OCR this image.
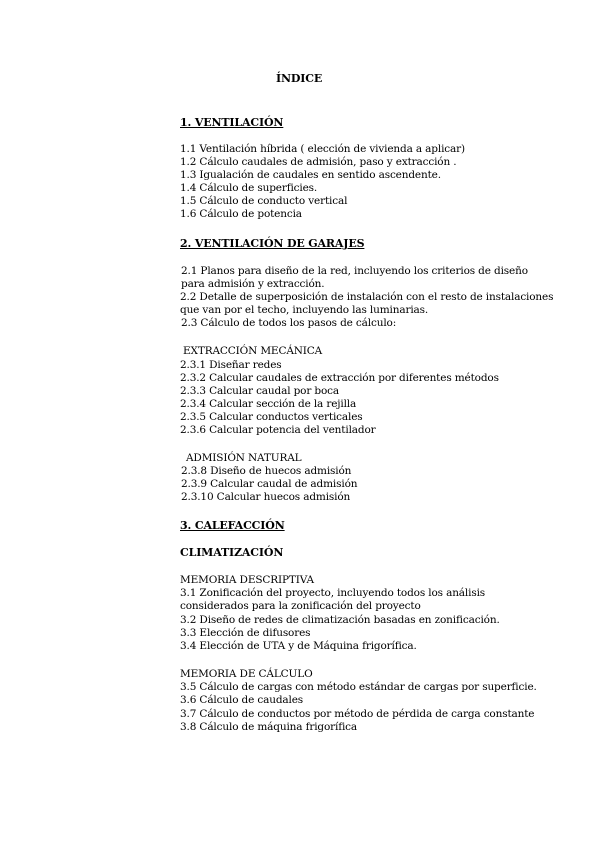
ÍNDICE
1. VENTILACIÓN
1.1 Ventilación híbrida ( elección de vivienda a aplicar)
1.2 Cálculo caudales de admisión, paso y extracción .
1.3 Igualación de caudales en sentido ascendente.
1.4 Cálculo de superficies.
1.5 Cálculo de conducto vertical
1.6 Cálculo de potencia
2. VENTILACIÓN DE GARAJES
2.1 Planos para diseño de la red, incluyendo los criterios de diseño
para admisión y extracción.
2.2 Detalle de superposición de instalación con el resto de instalaciones
que van por el techo, incluyendo las luminarias.
2.3 Cálculo de todos los pasos de cálculo:
EXTRACCIÓN MECÁNICA
2.3.1 Diseñar redes
2.3.2 Calcular caudales de extracción por diferentes métodos
2.3.3 Calcular caudal por boca
2.3.4 Calcular sección de la rejilla
2.3.5 Calcular conductos verticales
2.3.6 Calcular potencia del ventilador
ADMISIÓN NATURAL
2.3.8 Diseño de huecos admisión
2.3.9 Calcular caudal de admisión
2.3.10 Calcular huecos admisión
3. CALEFACCIÓN
CLIMATIZACIÓN
MEMORIA DESCRIPTIVA
3.1 Zonificación del proyecto, incluyendo todos los análisis
considerados para la zonificación del proyecto
3.2 Diseño de redes de climatización basadas en zonificación.
3.3 Elección de difusores
3.4 Elección de UTA y de Máquina frigorífica.
MEMORIA DE CÁLCULO
3.5 Cálculo de cargas con método estándar de cargas por superficie.
3.6 Cálculo de caudales
3.7 Cálculo de conductos por método de pérdida de carga constante
3.8 Cálculo de máquina frigorífica
